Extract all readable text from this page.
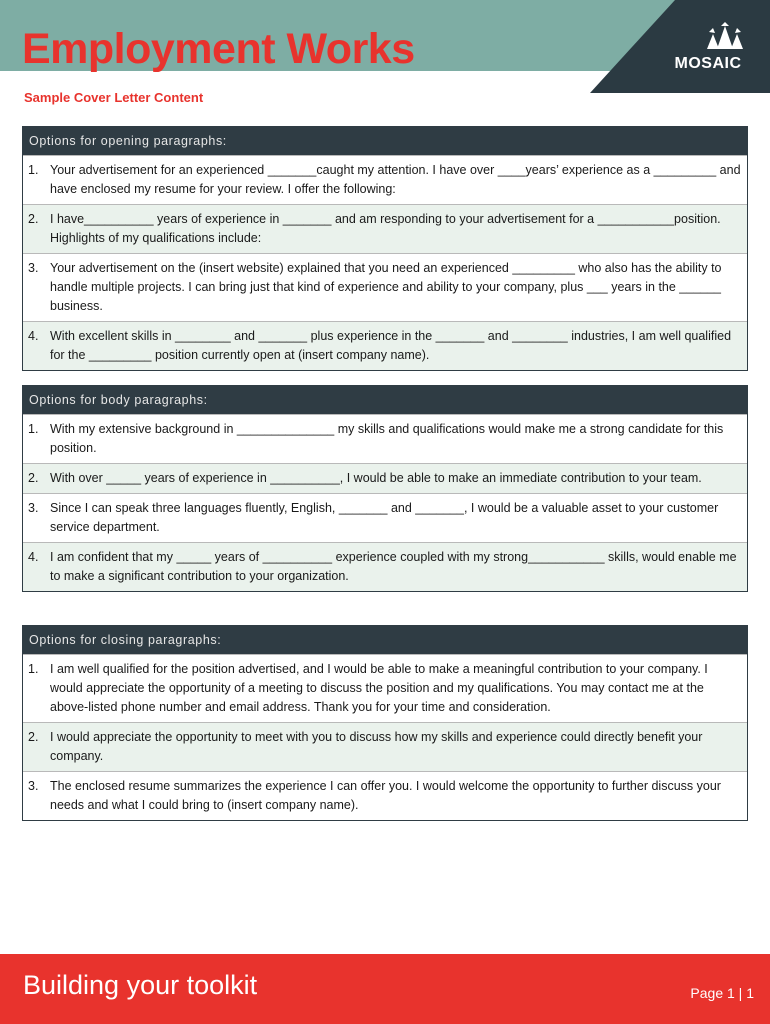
Employment Works	MOSAIC
Sample Cover Letter Content
Options for opening paragraphs:
1. Your advertisement for an experienced _______caught my attention. I have over ____years’ experience as a _________ and have enclosed my resume for your review. I offer the following:
2. I have__________ years of experience in _______ and am responding to your advertisement for a ___________position. Highlights of my qualifications include:
3. Your advertisement on the (insert website) explained that you need an experienced _________ who also has the ability to handle multiple projects. I can bring just that kind of experience and ability to your company, plus ___ years in the ______ business.
4. With excellent skills in ________ and _______ plus experience in the _______ and ________ industries, I am well qualified for the _________ position currently open at (insert company name).
Options for body paragraphs:
1. With my extensive background in ______________ my skills and qualifications would make me a strong candidate for this position.
2. With over _____ years of experience in __________, I would be able to make an immediate contribution to your team.
3. Since I can speak three languages fluently, English, _______ and _______, I would be a valuable asset to your customer service department.
4. I am confident that my _____ years of __________ experience coupled with my strong___________ skills, would enable me to make a significant contribution to your organization.
Options for closing paragraphs:
1. I am well qualified for the position advertised, and I would be able to make a meaningful contribution to your company. I would appreciate the opportunity of a meeting to discuss the position and my qualifications. You may contact me at the above-listed phone number and email address. Thank you for your time and consideration.
2. I would appreciate the opportunity to meet with you to discuss how my skills and experience could directly benefit your company.
3. The enclosed resume summarizes the experience I can offer you. I would welcome the opportunity to further discuss your needs and what I could bring to (insert company name).
Building your toolkit	Page 1 | 1
